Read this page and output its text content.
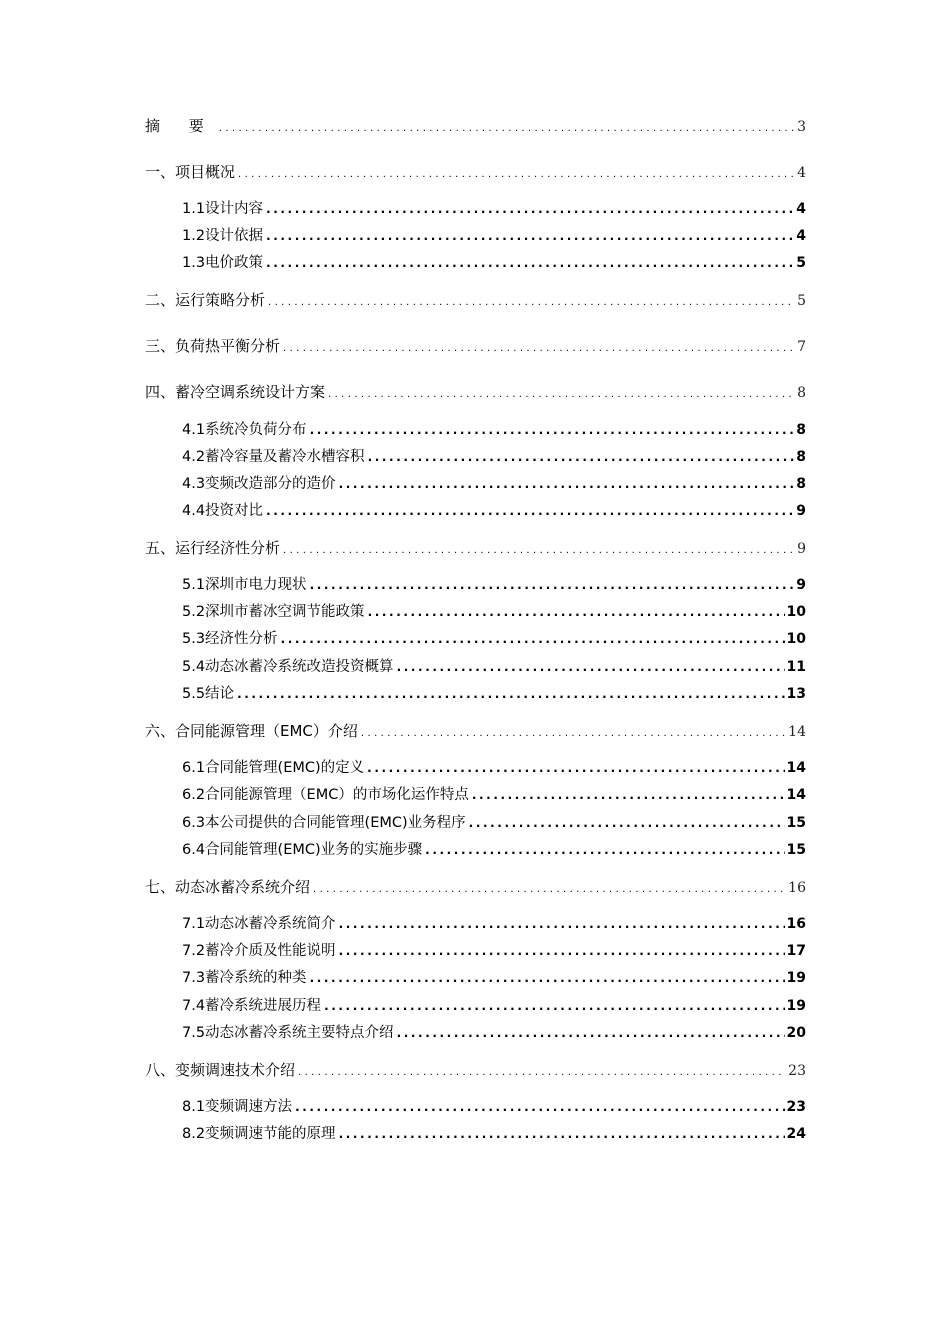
摘 要 .....	3
一、项目概况 .....	4
1.1设计内容 .....	4
1.2设计依据 .....	4
1.3电价政策 .....	5
二、运行策略分析 .....	5
三、负荷热平衡分析 .....	7
四、蓄冷空调系统设计方案 .....	8
4.1系统冷负荷分布 .....	8
4.2蓄冷容量及蓄冷水槽容积 .....	8
4.3变频改造部分的造价 .....	8
4.4投资对比 .....	9
五、运行经济性分析 .....	9
5.1深圳市电力现状 .....	9
5.2深圳市蓄冰空调节能政策 .....	10
5.3经济性分析 .....	10
5.4动态冰蓄冷系统改造投资概算 .....	11
5.5结论 .....	13
六、合同能源管理（EMC）介绍 .....	14
6.1合同能管理(EMC)的定义 .....	14
6.2合同能源管理（EMC）的市场化运作特点 .....	14
6.3本公司提供的合同能管理(EMC)业务程序 .....	15
6.4合同能管理(EMC)业务的实施步骤 .....	15
七、动态冰蓄冷系统介绍 .....	16
7.1动态冰蓄冷系统简介 .....	16
7.2蓄冷介质及性能说明 .....	17
7.3蓄冷系统的种类 .....	19
7.4蓄冷系统进展历程 .....	19
7.5动态冰蓄冷系统主要特点介绍 .....	20
八、变频调速技术介绍 .....	23
8.1变频调速方法 .....	23
8.2变频调速节能的原理 .....	24
